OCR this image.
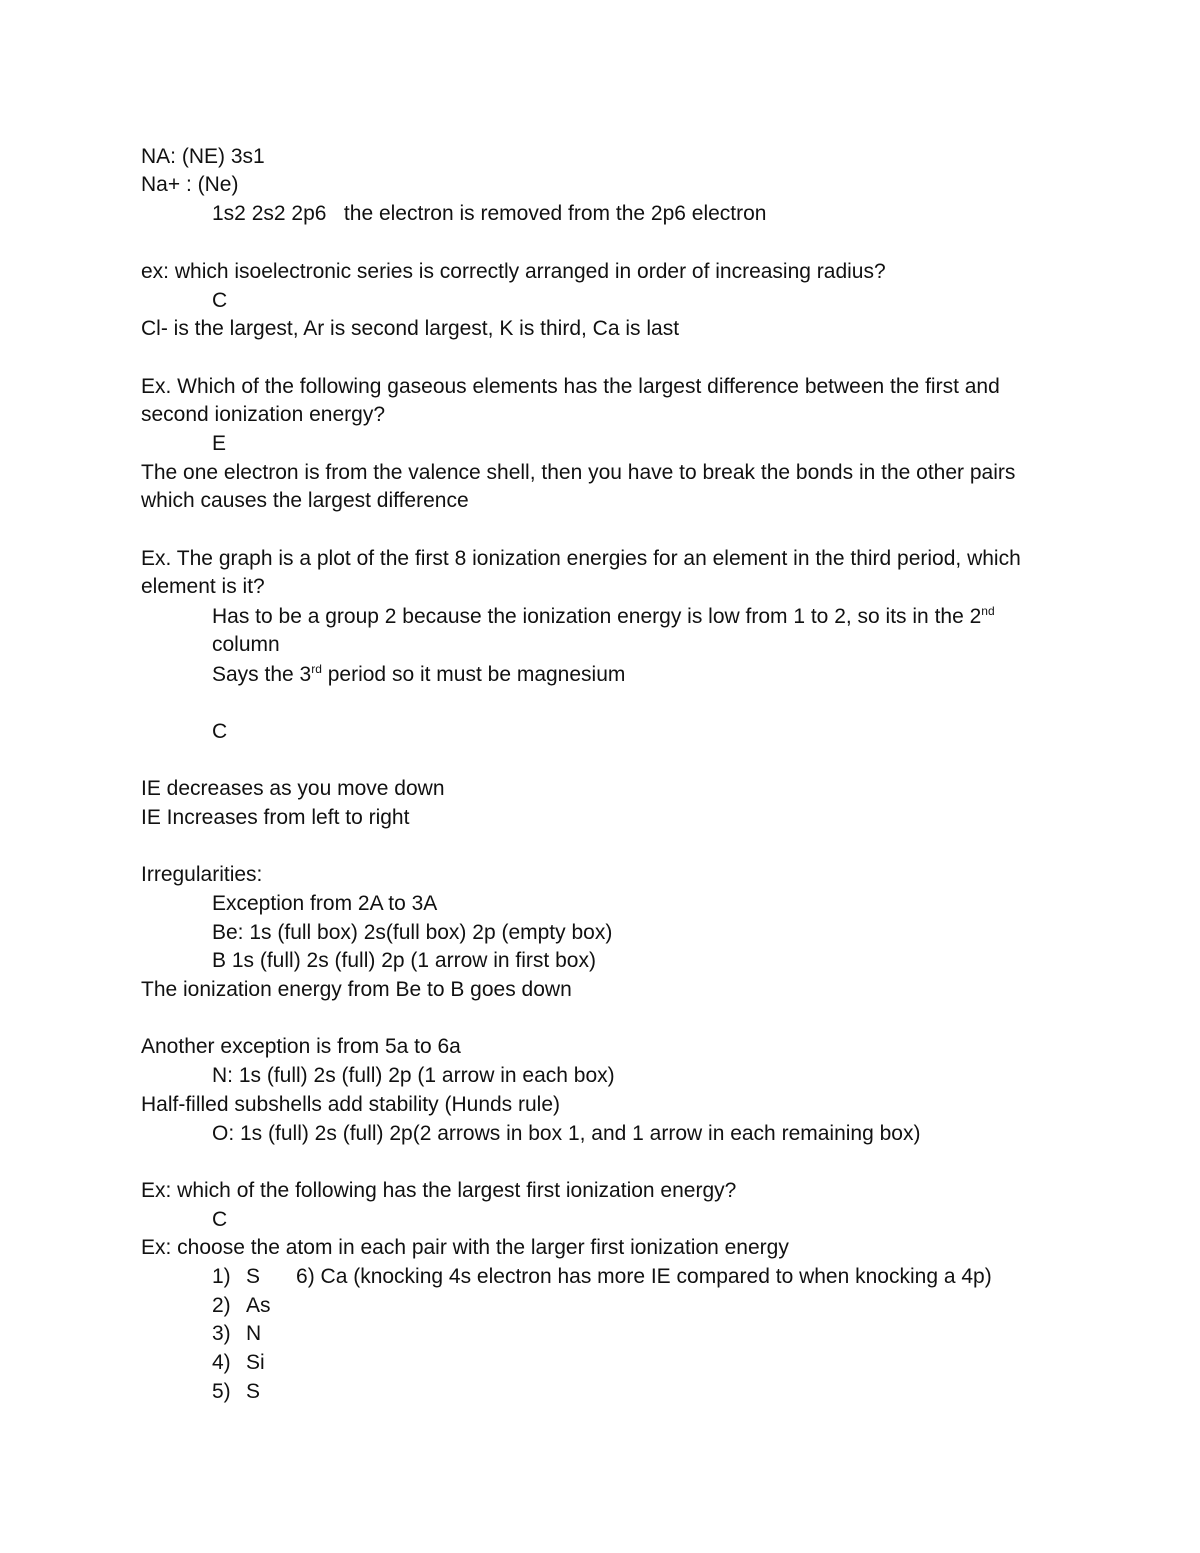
NA: (NE) 3s1
Na+ : (Ne)
1s2 2s2 2p6   the electron is removed from the 2p6 electron
ex: which isoelectronic series is correctly arranged in order of increasing radius?
C
Cl- is the largest, Ar is second largest, K is third, Ca is last
Ex. Which of the following gaseous elements has the largest difference between the first and
second ionization energy?
E
The one electron is from the valence shell, then you have to break the bonds in the other pairs
which causes the largest difference
Ex. The graph is a plot of the first 8 ionization energies for an element in the third period, which
element is it?
Has to be a group 2 because the ionization energy is low from 1 to 2, so its in the 2nd
column
Says the 3rd period so it must be magnesium
C
IE decreases as you move down
IE Increases from left to right
Irregularities:
Exception from 2A to 3A
Be: 1s (full box) 2s(full box) 2p (empty box)
B 1s (full) 2s (full) 2p (1 arrow in first box)
The ionization energy from Be to B goes down
Another exception is from 5a to 6a
N: 1s (full) 2s (full) 2p (1 arrow in each box)
Half-filled subshells add stability (Hunds rule)
O: 1s (full) 2s (full) 2p(2 arrows in box 1, and 1 arrow in each remaining box)
Ex: which of the following has the largest first ionization energy?
C
Ex: choose the atom in each pair with the larger first ionization energy
1) S 6) Ca (knocking 4s electron has more IE compared to when knocking a 4p)
2) As
3) N
4) Si
5) S
